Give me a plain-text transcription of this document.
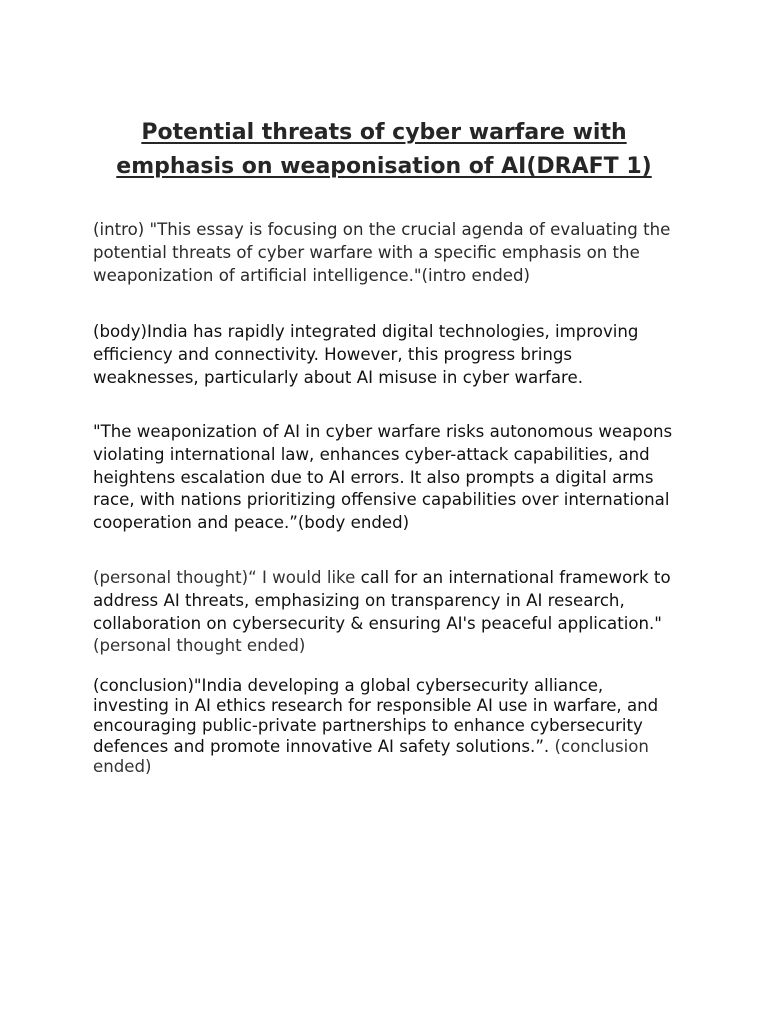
Potential threats of cyber warfare with
emphasis on weaponisation of AI(DRAFT 1)

(intro) "This essay is focusing on the crucial agenda of evaluating the potential threats of cyber warfare with a specific emphasis on the weaponization of artificial intelligence."(intro ended)

(body)India has rapidly integrated digital technologies, improving efficiency and connectivity. However, this progress brings weaknesses, particularly about AI misuse in cyber warfare.

"The weaponization of AI in cyber warfare risks autonomous weapons violating international law, enhances cyber-attack capabilities, and heightens escalation due to AI errors. It also prompts a digital arms race, with nations prioritizing offensive capabilities over international cooperation and peace.”(body ended)

(personal thought)“ I would like call for an international framework to address AI threats, emphasizing on transparency in AI research, collaboration on cybersecurity & ensuring AI's peaceful application." (personal thought ended)

(conclusion)"India developing a global cybersecurity alliance, investing in AI ethics research for responsible AI use in warfare, and encouraging public-private partnerships to enhance cybersecurity defences and promote innovative AI safety solutions.”. (conclusion ended)
